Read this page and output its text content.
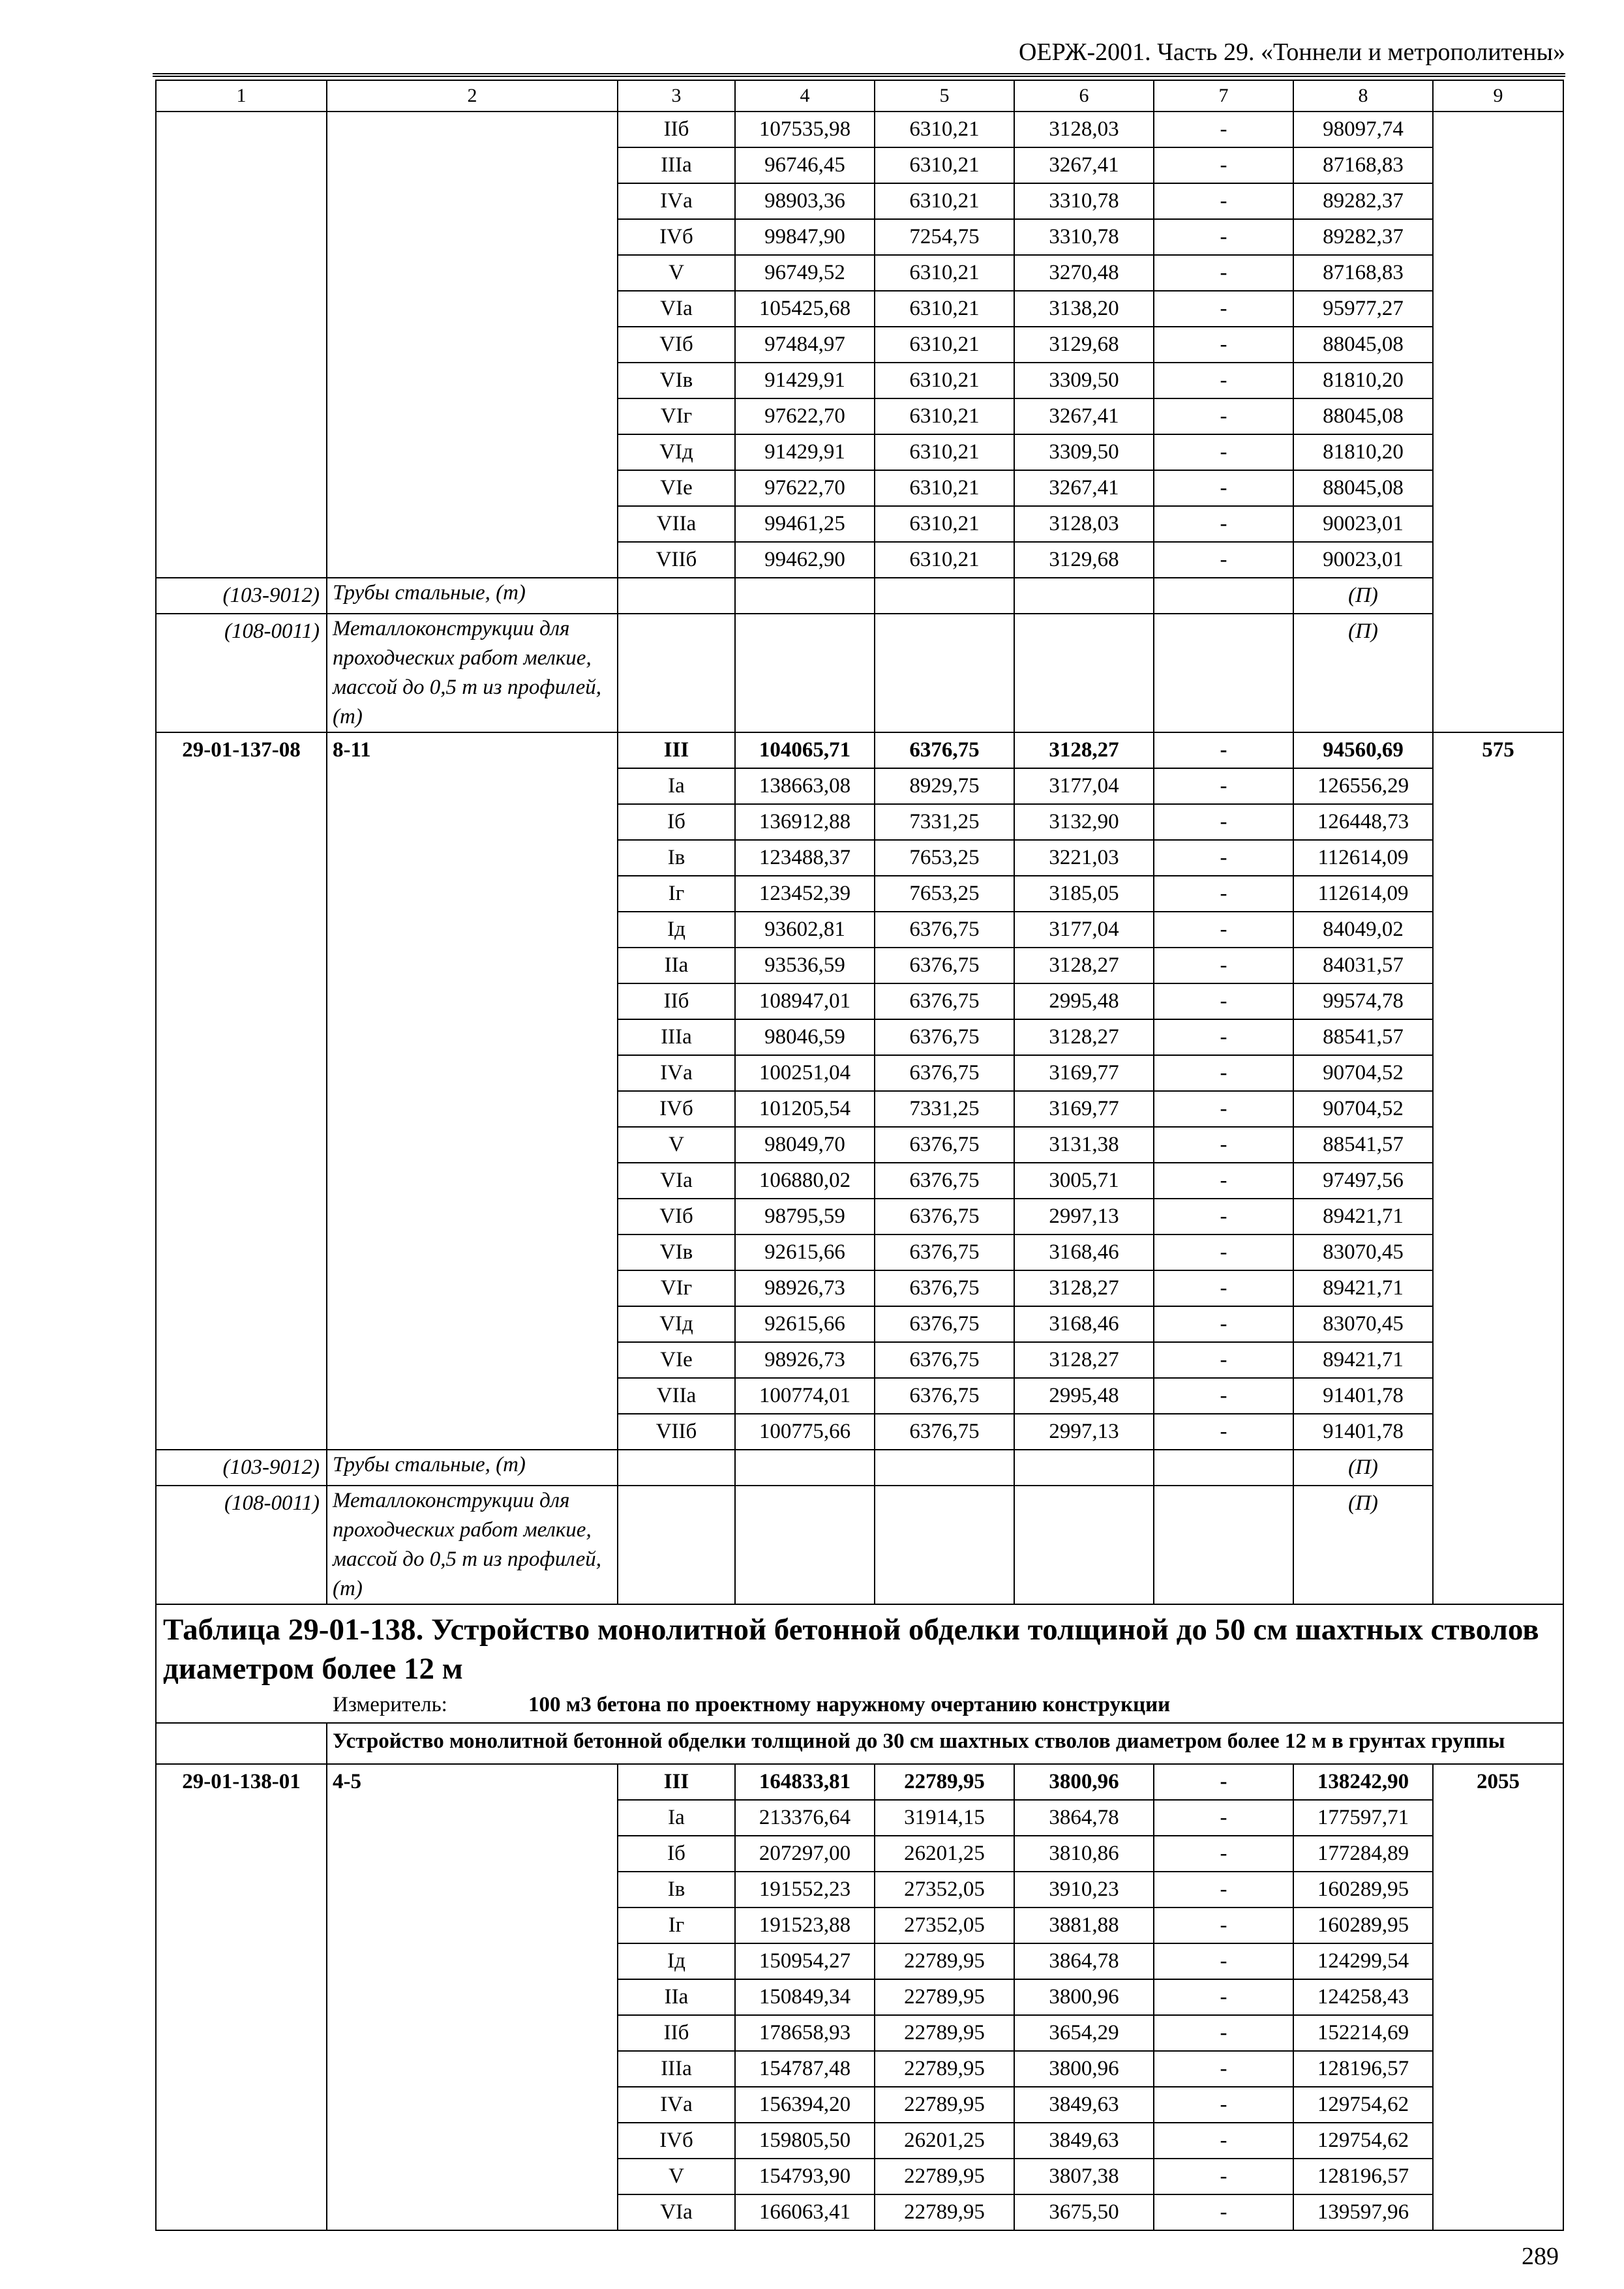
ОЕРЖ-2001. Часть 29. «Тоннели и метрополитены»
1	2	3	4	5	6	7	8	9
		IIб	107535,98	6310,21	3128,03	-	98097,74	
		IIIа	96746,45	6310,21	3267,41	-	87168,83	
		IVа	98903,36	6310,21	3310,78	-	89282,37	
		IVб	99847,90	7254,75	3310,78	-	89282,37	
		V	96749,52	6310,21	3270,48	-	87168,83	
		VIа	105425,68	6310,21	3138,20	-	95977,27	
		VIб	97484,97	6310,21	3129,68	-	88045,08	
		VIв	91429,91	6310,21	3309,50	-	81810,20	
		VIг	97622,70	6310,21	3267,41	-	88045,08	
		VIд	91429,91	6310,21	3309,50	-	81810,20	
		VIе	97622,70	6310,21	3267,41	-	88045,08	
		VIIа	99461,25	6310,21	3128,03	-	90023,01	
		VIIб	99462,90	6310,21	3129,68	-	90023,01	
(103-9012)	Трубы стальные, (т)						(П)	
(108-0011)	Металлоконструкции для проходческих работ мелкие, массой до 0,5 т из профилей, (т)						(П)	
29-01-137-08	8-11	III	104065,71	6376,75	3128,27	-	94560,69	575
		Iа	138663,08	8929,75	3177,04	-	126556,29	
		Iб	136912,88	7331,25	3132,90	-	126448,73	
		Iв	123488,37	7653,25	3221,03	-	112614,09	
		Iг	123452,39	7653,25	3185,05	-	112614,09	
		Iд	93602,81	6376,75	3177,04	-	84049,02	
		IIа	93536,59	6376,75	3128,27	-	84031,57	
		IIб	108947,01	6376,75	2995,48	-	99574,78	
		IIIа	98046,59	6376,75	3128,27	-	88541,57	
		IVа	100251,04	6376,75	3169,77	-	90704,52	
		IVб	101205,54	7331,25	3169,77	-	90704,52	
		V	98049,70	6376,75	3131,38	-	88541,57	
		VIа	106880,02	6376,75	3005,71	-	97497,56	
		VIб	98795,59	6376,75	2997,13	-	89421,71	
		VIв	92615,66	6376,75	3168,46	-	83070,45	
		VIг	98926,73	6376,75	3128,27	-	89421,71	
		VIд	92615,66	6376,75	3168,46	-	83070,45	
		VIе	98926,73	6376,75	3128,27	-	89421,71	
		VIIа	100774,01	6376,75	2995,48	-	91401,78	
		VIIб	100775,66	6376,75	2997,13	-	91401,78	
(103-9012)	Трубы стальные, (т)						(П)	
(108-0011)	Металлоконструкции для проходческих работ мелкие, массой до 0,5 т из профилей, (т)						(П)	

Таблица 29-01-138. Устройство монолитной бетонной обделки толщиной до 50 см шахтных стволов диаметром более 12 м
Измеритель: 100 м3 бетона по проектному наружному очертанию конструкции								

	Устройство монолитной бетонной обделки толщиной до 30 см шахтных стволов диаметром более 12 м в грунтах группы							
29-01-138-01	4-5	III	164833,81	22789,95	3800,96	-	138242,90	2055
		Iа	213376,64	31914,15	3864,78	-	177597,71	
		Iб	207297,00	26201,25	3810,86	-	177284,89	
		Iв	191552,23	27352,05	3910,23	-	160289,95	
		Iг	191523,88	27352,05	3881,88	-	160289,95	
		Iд	150954,27	22789,95	3864,78	-	124299,54	
		IIа	150849,34	22789,95	3800,96	-	124258,43	
		IIб	178658,93	22789,95	3654,29	-	152214,69	
		IIIа	154787,48	22789,95	3800,96	-	128196,57	
		IVа	156394,20	22789,95	3849,63	-	129754,62	
		IVб	159805,50	26201,25	3849,63	-	129754,62	
		V	154793,90	22789,95	3807,38	-	128196,57	
		VIа	166063,41	22789,95	3675,50	-	139597,96	
289
